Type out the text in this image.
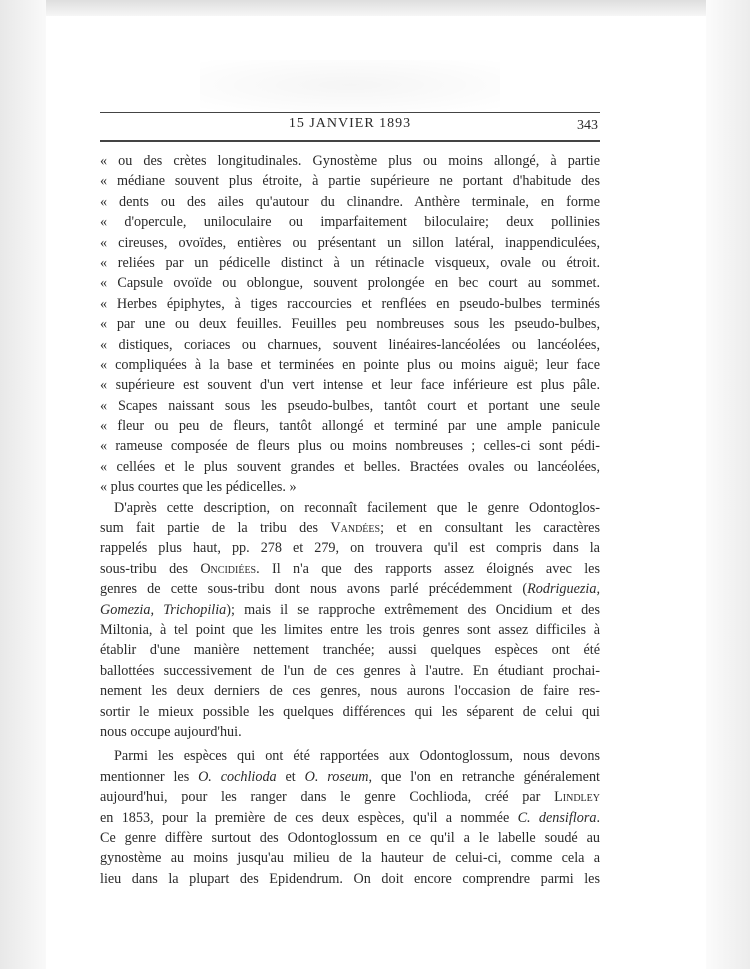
15 JANVIER 1893	343
« ou des crètes longitudinales. Gynostème plus ou moins allongé, à partie
« médiane souvent plus étroite, à partie supérieure ne portant d'habitude des
« dents ou des ailes qu'autour du clinandre. Anthère terminale, en forme
« d'opercule, uniloculaire ou imparfaitement biloculaire; deux pollinies
« cireuses, ovoïdes, entières ou présentant un sillon latéral, inappendiculées,
« reliées par un pédicelle distinct à un rétinacle visqueux, ovale ou étroit.
« Capsule ovoïde ou oblongue, souvent prolongée en bec court au sommet.
« Herbes épiphytes, à tiges raccourcies et renflées en pseudo-bulbes terminés
« par une ou deux feuilles. Feuilles peu nombreuses sous les pseudo-bulbes,
« distiques, coriaces ou charnues, souvent linéaires-lancéolées ou lancéolées,
« compliquées à la base et terminées en pointe plus ou moins aiguë; leur face
« supérieure est souvent d'un vert intense et leur face inférieure est plus pâle.
« Scapes naissant sous les pseudo-bulbes, tantôt court et portant une seule
« fleur ou peu de fleurs, tantôt allongé et terminé par une ample panicule
« rameuse composée de fleurs plus ou moins nombreuses ; celles-ci sont pédi-
« cellées et le plus souvent grandes et belles. Bractées ovales ou lancéolées,
« plus courtes que les pédicelles. »
D'après cette description, on reconnaît facilement que le genre Odontoglos-
sum fait partie de la tribu des Vandées; et en consultant les caractères
rappelés plus haut, pp. 278 et 279, on trouvera qu'il est compris dans la
sous-tribu des Oncidiées. Il n'a que des rapports assez éloignés avec les
genres de cette sous-tribu dont nous avons parlé précédemment (Rodriguezia,
Gomezia, Trichopilia); mais il se rapproche extrêmement des Oncidium et des
Miltonia, à tel point que les limites entre les trois genres sont assez difficiles à
établir d'une manière nettement tranchée; aussi quelques espèces ont été
ballottées successivement de l'un de ces genres à l'autre. En étudiant prochai-
nement les deux derniers de ces genres, nous aurons l'occasion de faire res-
sortir le mieux possible les quelques différences qui les séparent de celui qui
nous occupe aujourd'hui.
Parmi les espèces qui ont été rapportées aux Odontoglossum, nous devons
mentionner les O. cochlioda et O. roseum, que l'on en retranche généralement
aujourd'hui, pour les ranger dans le genre Cochlioda, créé par Lindley
en 1853, pour la première de ces deux espèces, qu'il a nommée C. densiflora.
Ce genre diffère surtout des Odontoglossum en ce qu'il a le labelle soudé au
gynostème au moins jusqu'au milieu de la hauteur de celui-ci, comme cela a
lieu dans la plupart des Epidendrum. On doit encore comprendre parmi les
